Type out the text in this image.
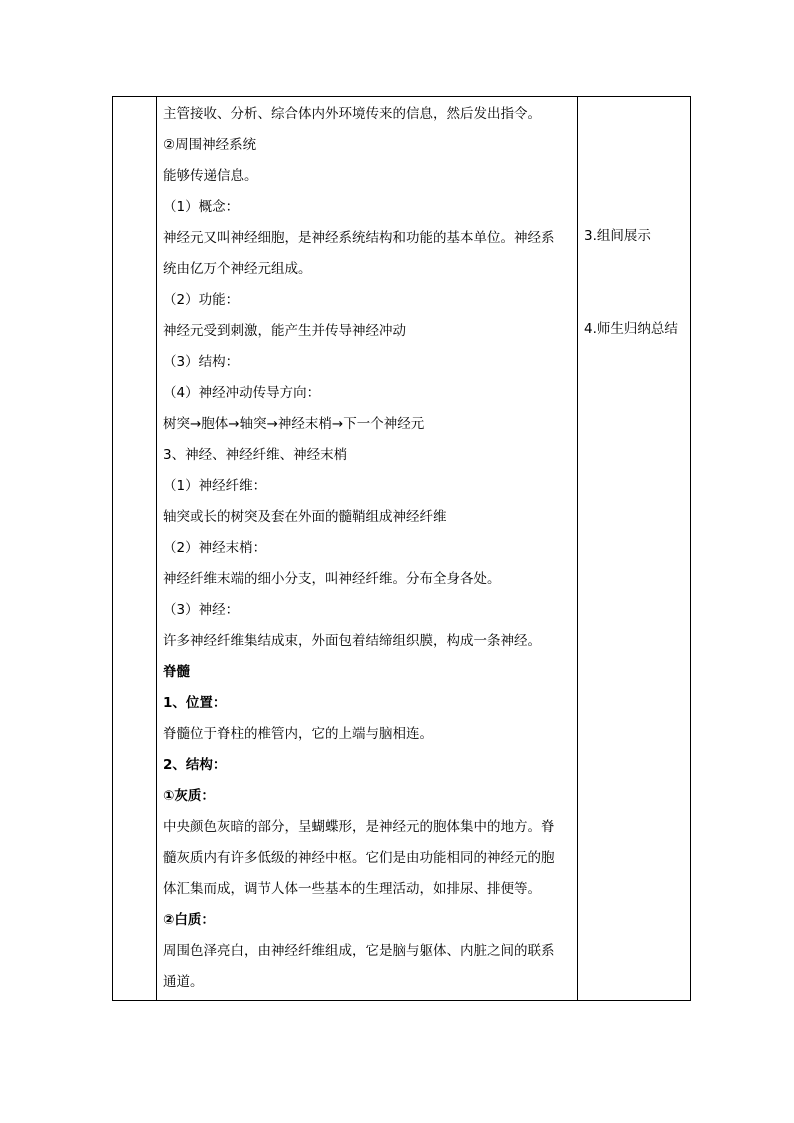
主管接收、分析、综合体内外环境传来的信息，然后发出指令。
②周围神经系统
能够传递信息。
（1）概念：
神经元又叫神经细胞，是神经系统结构和功能的基本单位。神经系
统由亿万个神经元组成。
（2）功能：
神经元受到刺激，能产生并传导神经冲动
（3）结构：
（4）神经冲动传导方向：
树突→胞体→轴突→神经末梢→下一个神经元
3、神经、神经纤维、神经末梢
（1）神经纤维：
轴突或长的树突及套在外面的髓鞘组成神经纤维
（2）神经末梢：
神经纤维末端的细小分支，叫神经纤维。分布全身各处。
（3）神经：
许多神经纤维集结成束，外面包着结缔组织膜，构成一条神经。
脊髓
1、位置：
脊髓位于脊柱的椎管内，它的上端与脑相连。
2、结构：
①灰质：
中央颜色灰暗的部分，呈蝴蝶形，是神经元的胞体集中的地方。脊
髓灰质内有许多低级的神经中枢。它们是由功能相同的神经元的胞
体汇集而成，调节人体一些基本的生理活动，如排尿、排便等。
②白质：
周围色泽亮白，由神经纤维组成，它是脑与躯体、内脏之间的联系
通道。

3.组间展示
4.师生归纳总结
